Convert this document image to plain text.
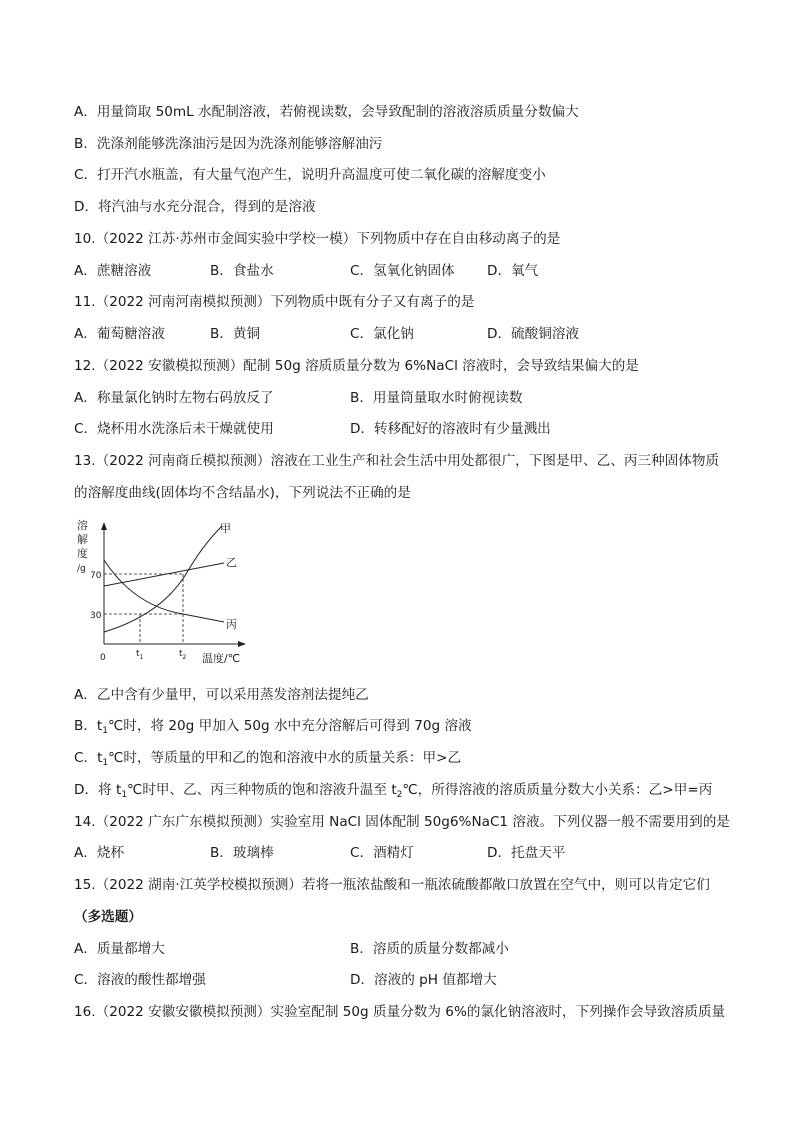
A．用量筒取 50mL 水配制溶液，若俯视读数，会导致配制的溶液溶质质量分数偏大
B．洗涤剂能够洗涤油污是因为洗涤剂能够溶解油污
C．打开汽水瓶盖，有大量气泡产生，说明升高温度可使二氧化碳的溶解度变小
D．将汽油与水充分混合，得到的是溶液
10.（2022 江苏·苏州市金阊实验中学校一模）下列物质中存在自由移动离子的是
A．蔗糖溶液	B．食盐水	C．氢氧化钠固体 D．氧气
11.（2022 河南河南模拟预测）下列物质中既有分子又有离子的是
A．葡萄糖溶液	B．黄铜	C．氯化钠	D．硫酸铜溶液
12.（2022 安徽模拟预测）配制 50g 溶质质量分数为 6%NaCl 溶液时，会导致结果偏大的是
A．称量氯化钠时左物右码放反了	B．用量筒量取水时俯视读数
C．烧杯用水洗涤后未干燥就使用	D．转移配好的溶液时有少量溅出
13.（2022 河南商丘模拟预测）溶液在工业生产和社会生活中用处都很广，下图是甲、乙、丙三种固体物质
的溶解度曲线(固体均不含结晶水)，下列说法不正确的是
溶
解
度
/g
70
30
0	$t_1$	$t_2$ 温度/℃
甲
乙
丙
A．乙中含有少量甲，可以采用蒸发溶剂法提纯乙
B．$t_1℃$时，将 20g 甲加入 50g 水中充分溶解后可得到 70g 溶液
C．$t_1℃$时，等质量的甲和乙的饱和溶液中水的质量关系：甲>乙
D．将 $t_1℃$时甲、乙、丙三种物质的饱和溶液升温至 $t_2℃$，所得溶液的溶质质量分数大小关系：乙>甲=丙
14.（2022 广东广东模拟预测）实验室用 NaCl 固体配制 50g6%NaC1 溶液。下列仪器一般不需要用到的是
A．烧杯	B．玻璃棒	C．酒精灯	D．托盘天平
15.（2022 湖南·江英学校模拟预测）若将一瓶浓盐酸和一瓶浓硫酸都敞口放置在空气中，则可以肯定它们
（多选题）
A．质量都增大	B．溶质的质量分数都减小
C．溶液的酸性都增强	D．溶液的 pH 值都增大
16.（2022 安徽安徽模拟预测）实验室配制 50g 质量分数为 6%的氯化钠溶液时，下列操作会导致溶质质量
